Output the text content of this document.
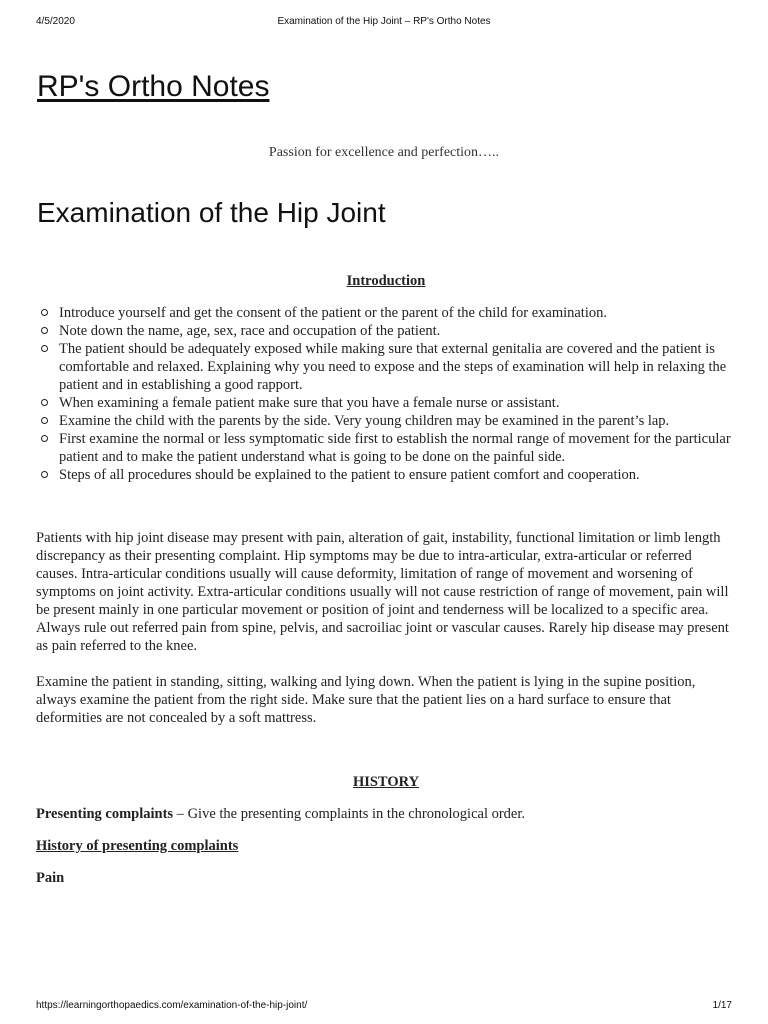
4/5/2020	Examination of the Hip Joint – RP's Ortho Notes
RP's Ortho Notes
Passion for excellence and perfection…..
Examination of the Hip Joint
Introduction
Introduce yourself and get the consent of the patient or the parent of the child for examination.
Note down the name, age, sex, race and occupation of the patient.
The patient should be adequately exposed while making sure that external genitalia are covered and the patient is comfortable and relaxed. Explaining why you need to expose and the steps of examination will help in relaxing the patient and in establishing a good rapport.
When examining a female patient make sure that you have a female nurse or assistant.
Examine the child with the parents by the side. Very young children may be examined in the parent’s lap.
First examine the normal or less symptomatic side first to establish the normal range of movement for the particular patient and to make the patient understand what is going to be done on the painful side.
Steps of all procedures should be explained to the patient to ensure patient comfort and cooperation.

Patients with hip joint disease may present with pain, alteration of gait, instability, functional limitation or limb length discrepancy as their presenting complaint. Hip symptoms may be due to intra-articular, extra-articular or referred causes. Intra-articular conditions usually will cause deformity, limitation of range of movement and worsening of symptoms on joint activity. Extra-articular conditions usually will not cause restriction of range of movement, pain will be present mainly in one particular movement or position of joint and tenderness will be localized to a specific area. Always rule out referred pain from spine, pelvis, and sacroiliac joint or vascular causes. Rarely hip disease may present as pain referred to the knee.

Examine the patient in standing, sitting, walking and lying down. When the patient is lying in the supine position, always examine the patient from the right side. Make sure that the patient lies on a hard surface to ensure that deformities are not concealed by a soft mattress.

HISTORY

Presenting complaints – Give the presenting complaints in the chronological order.

History of presenting complaints
Pain
https://learningorthopaedics.com/examination-of-the-hip-joint/	1/17
